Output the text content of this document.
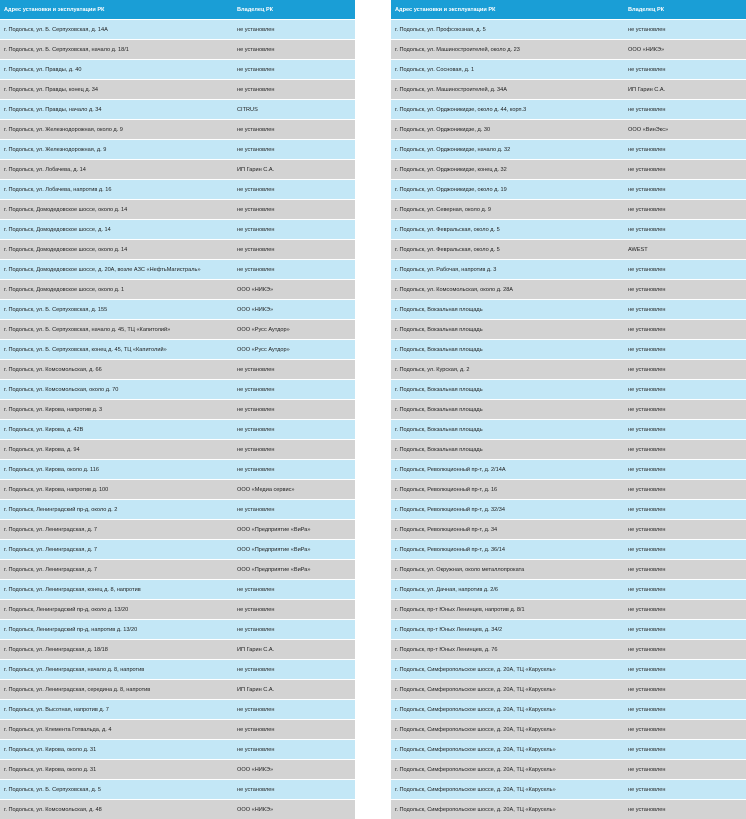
Адрес установки и эксплуатации РК	Владелец РК
г. Подольск, ул. Б. Серпуховская, д. 14А	не установлен
г. Подольск, ул. Б. Серпуховская, начало д. 18/1	не установлен
г. Подольск, ул. Правды, д. 40	не установлен
г. Подольск, ул. Правды, конец д. 34	не установлен
г. Подольск, ул. Правды, начало д. 34	CITRUS
г. Подольск, ул. Железнодорожная, около д. 9	не установлен
г. Подольск, ул. Железнодорожная, д. 9	не установлен
г. Подольск, ул. Лобачева, д. 14	ИП Гарин С.А.
г. Подольск, ул. Лобачева, напротив д. 16	не установлен
г. Подольск, Домодедовское шоссе, около д. 14	не установлен
г. Подольск, Домодедовское шоссе, д. 14	не установлен
г. Подольск, Домодедовское шоссе, около д. 14	не установлен
г. Подольск, Домодедовское шоссе, д. 20А, возле АЗС «НефтьМагистраль»	не установлен
г. Подольск, Домодедовское шоссе, около д. 1	ООО «НИКЭ»
г. Подольск, ул. Б. Серпуховская, д. 155	ООО «НИКЭ»
г. Подольск, ул. Б. Серпуховская, начало д. 45, ТЦ «Капитолий»	ООО «Русс Аутдор»
г. Подольск, ул. Б. Серпуховская, конец д. 45, ТЦ «Капитолий»	ООО «Русс Аутдор»
г. Подольск, ул. Комсомольская, д. 66	не установлен
г. Подольск, ул. Комсомольская, около д. 70	не установлен
г. Подольск, ул. Кирова, напротив д. 3	не установлен
г. Подольск, ул. Кирова, д. 42В	не установлен
г. Подольск, ул. Кирова, д. 94	не установлен
г. Подольск, ул. Кирова, около д. 116	не установлен
г. Подольск, ул. Кирова, напротив д. 100	ООО «Медиа сервис»
г. Подольск, Ленинградский пр-д, около д. 2	не установлен
г. Подольск, ул. Ленинградская, д. 7	ООО «Предприятие «ВиРа»
г. Подольск, ул. Ленинградская, д. 7	ООО «Предприятие «ВиРа»
г. Подольск, ул. Ленинградская, д. 7	ООО «Предприятие «ВиРа»
г. Подольск, ул. Ленинградская, конец д. 8, напротив	не установлен
г. Подольск, Ленинградский пр-д, около д. 13/20	не установлен
г. Подольск, Ленинградский пр-д, напротив д. 13/20	не установлен
г. Подольск, ул. Ленинградская, д. 18/18	ИП Гарин С.А.
г. Подольск, ул. Ленинградская, начало д. 8, напротив	не установлен
г. Подольск, ул. Ленинградская, середина д. 8, напротив	ИП Гарин С.А.
г. Подольск, ул. Высотная, напротив д. 7	не установлен
г. Подольск, ул. Клемента Готвальда, д. 4	не установлен
г. Подольск, ул. Кирова, около д. 31	не установлен
г. Подольск, ул. Кирова, около д. 31	ООО «НИКЭ»
г. Подольск, ул. Б. Серпуховская, д. 5	не установлен
г. Подольск, ул. Комсомольская, д. 48	ООО «НИКЭ»
Адрес установки и эксплуатации РК	Владелец РК
г. Подольск, ул. Профсоюзная, д. 5	не установлен
г. Подольск, ул. Машиностроителей, около д. 23	ООО «НИКЭ»
г. Подольск, ул. Сосновая, д. 1	не установлен
г. Подольск, ул. Машиностроителей, д. 34А	ИП Гарин С.А.
г. Подольск, ул. Орджоникидзе, около д. 44, корп.3	не установлен
г. Подольск, ул. Орджоникидзе, д. 30	ООО «ВинЭкс»
г. Подольск, ул. Орджоникидзе, начало д. 32	не установлен
г. Подольск, ул. Орджоникидзе, конец д. 32	не установлен
г. Подольск, ул. Орджоникидзе, около д. 19	не установлен
г. Подольск, ул. Северная, около д. 9	не установлен
г. Подольск, ул. Февральская, около д. 5	не установлен
г. Подольск, ул. Февральская, около д. 5	AWEST
г. Подольск, ул. Рабочая, напротив д. 3	не установлен
г. Подольск, ул. Комсомольская, около д. 28А	не установлен
г. Подольск, Вокзальная площадь	не установлен
г. Подольск, Вокзальная площадь	не установлен
г. Подольск, Вокзальная площадь	не установлен
г. Подольск, ул. Курская, д. 2	не установлен
г. Подольск, Вокзальная площадь	не установлен
г. Подольск, Вокзальная площадь	не установлен
г. Подольск, Вокзальная площадь	не установлен
г. Подольск, Вокзальная площадь	не установлен
г. Подольск, Революционный пр-т, д. 2/14А	не установлен
г. Подольск, Революционный пр-т, д. 16	не установлен
г. Подольск, Революционный пр-т, д. 32/34	не установлен
г. Подольск, Революционный пр-т, д. 34	не установлен
г. Подольск, Революционный пр-т, д. 36/14	не установлен
г. Подольск, ул. Окружная, около металлопроката	не установлен
г. Подольск, ул. Дачная, напротив д. 2/6	не установлен
г. Подольск, пр-т Юных Ленинцев, напротив д. 8/1	не установлен
г. Подольск, пр-т Юных Ленинцев, д. 34/2	не установлен
г. Подольск, пр-т Юных Ленинцев, д. 76	не установлен
г. Подольск, Симферопольское шоссе, д. 20А, ТЦ «Карусель»	не установлен
г. Подольск, Симферопольское шоссе, д. 20А, ТЦ «Карусель»	не установлен
г. Подольск, Симферопольское шоссе, д. 20А, ТЦ «Карусель»	не установлен
г. Подольск, Симферопольское шоссе, д. 20А, ТЦ «Карусель»	не установлен
г. Подольск, Симферопольское шоссе, д. 20А, ТЦ «Карусель»	не установлен
г. Подольск, Симферопольское шоссе, д. 20А, ТЦ «Карусель»	не установлен
г. Подольск, Симферопольское шоссе, д. 20А, ТЦ «Карусель»	не установлен
г. Подольск, Симферопольское шоссе, д. 20А, ТЦ «Карусель»	не установлен
